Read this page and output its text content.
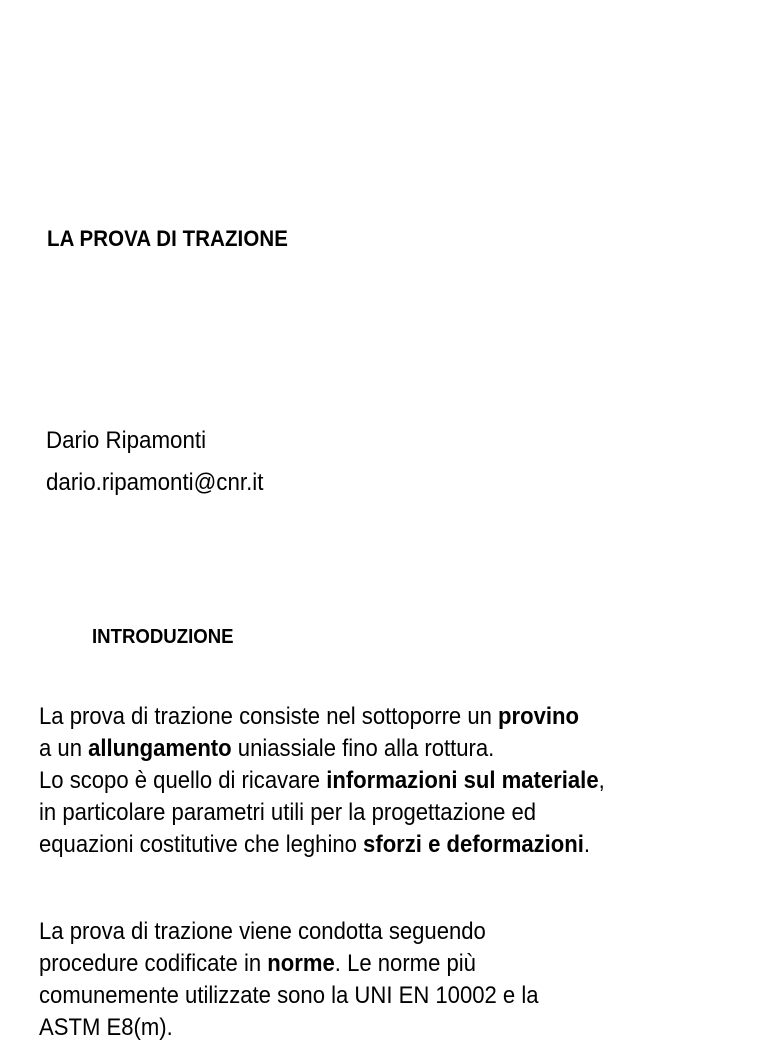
LA PROVA DI TRAZIONE
Dario Ripamonti
dario.ripamonti@cnr.it
INTRODUZIONE
La prova di trazione consiste nel sottoporre un provino
a un allungamento uniassiale fino alla rottura.
Lo scopo è quello di ricavare informazioni sul materiale,
in particolare parametri utili per la progettazione ed
equazioni costitutive che leghino sforzi e deformazioni.
La prova di trazione viene condotta seguendo
procedure codificate in norme. Le norme più
comunemente utilizzate sono la UNI EN 10002 e la
ASTM E8(m).
